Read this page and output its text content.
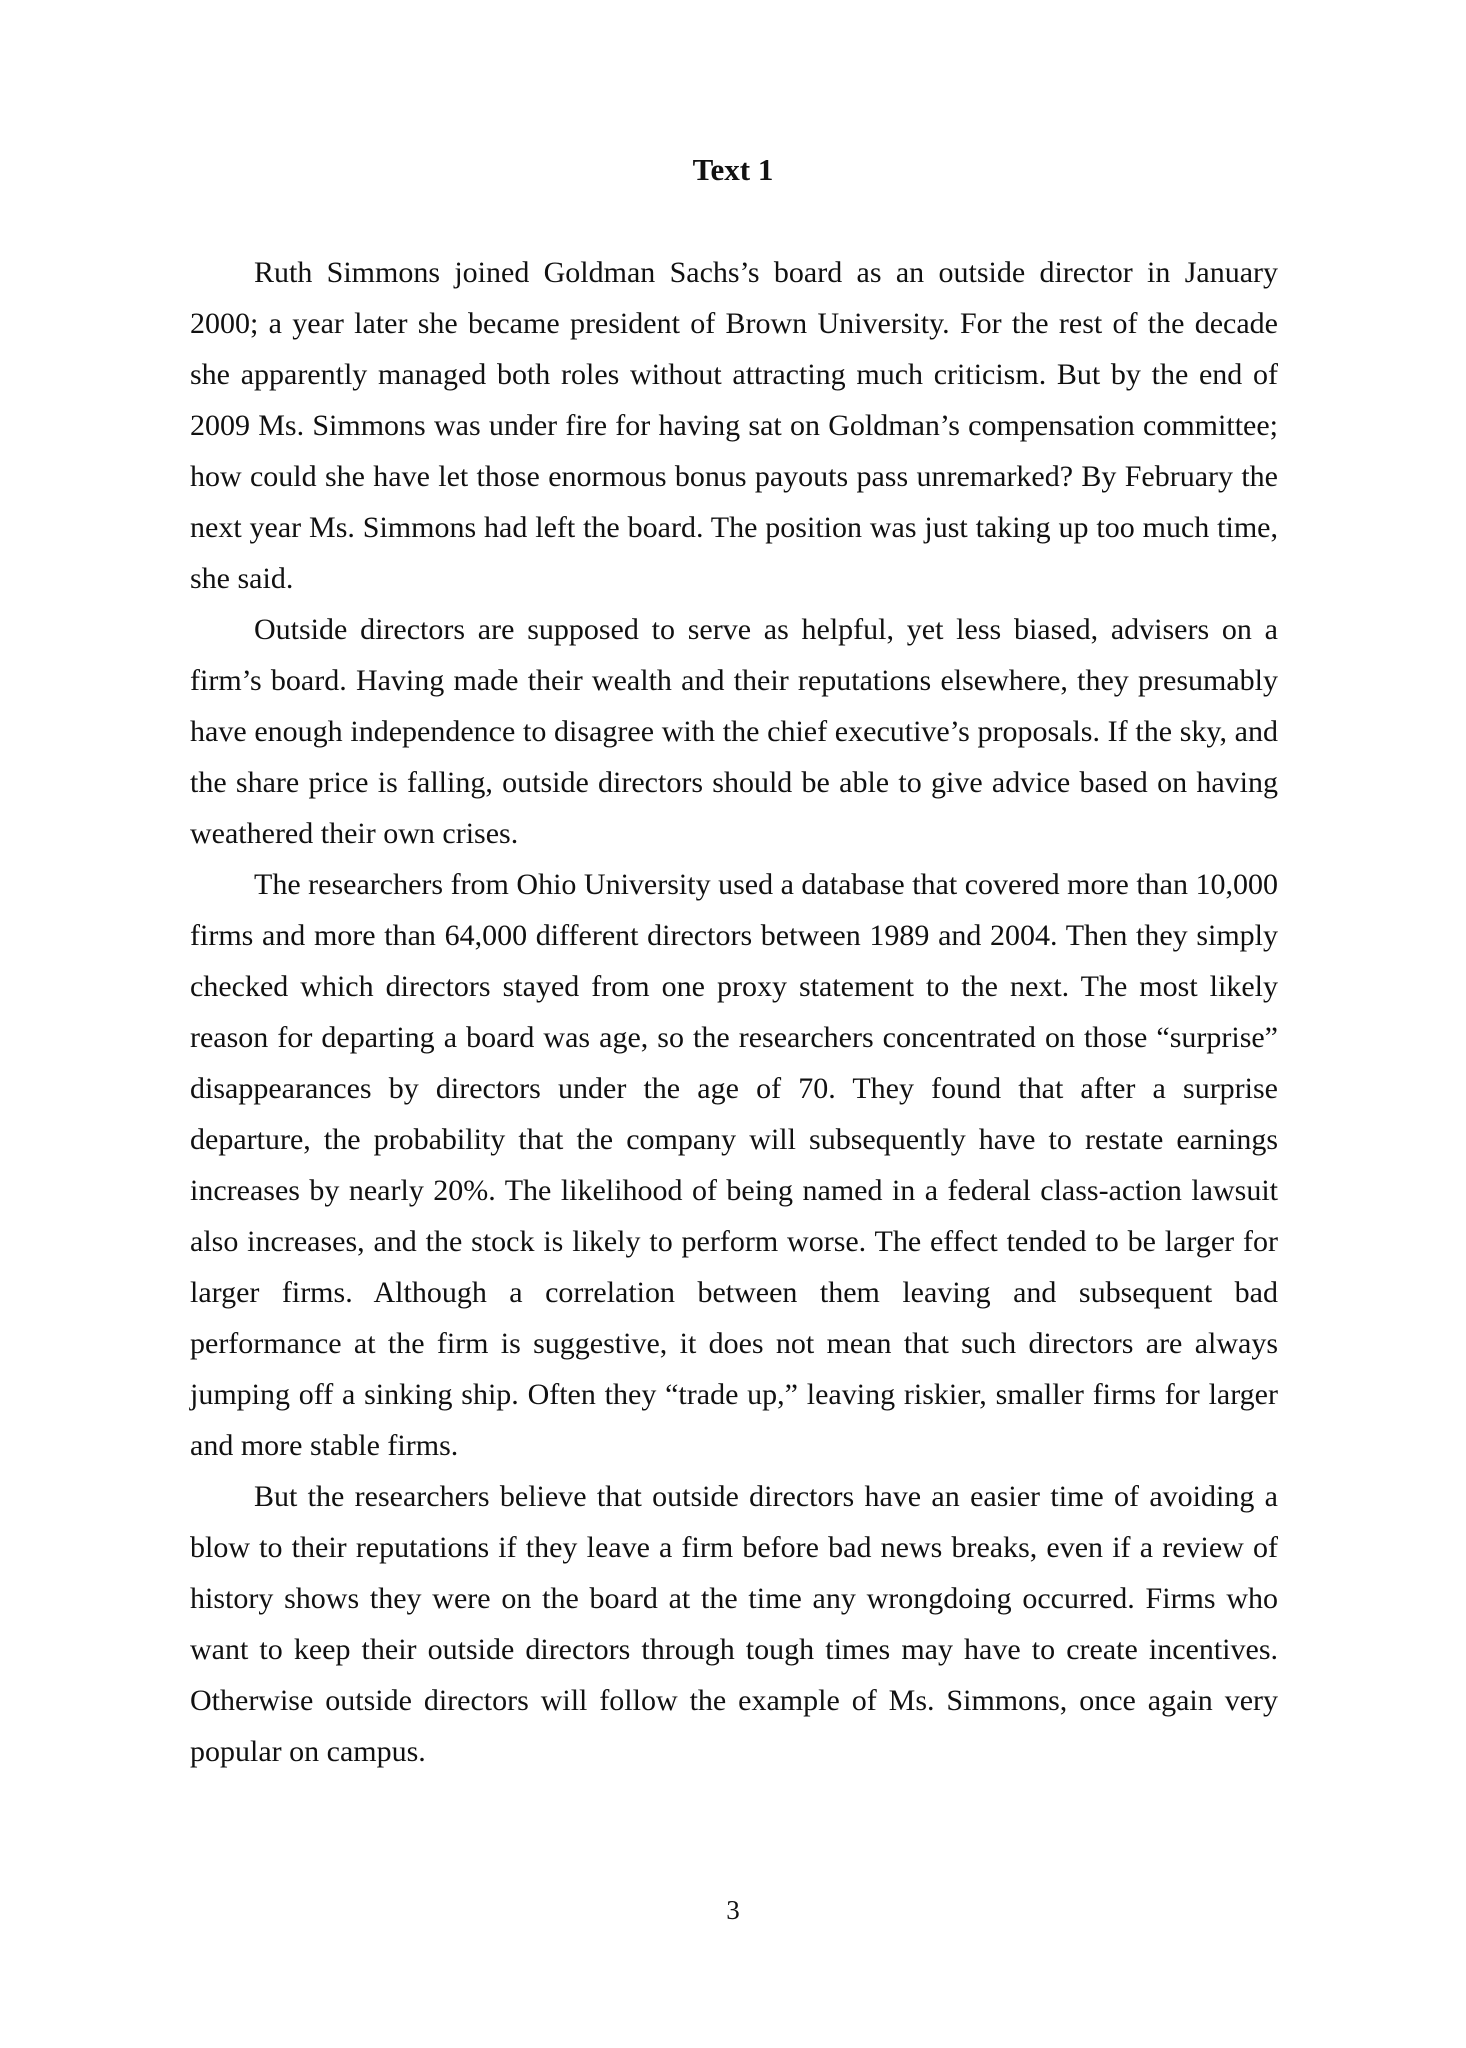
Text 1

Ruth Simmons joined Goldman Sachs’s board as an outside director in January 2000; a year later she became president of Brown University. For the rest of the decade she apparently managed both roles without attracting much criticism. But by the end of 2009 Ms. Simmons was under fire for having sat on Goldman’s compensation committee; how could she have let those enormous bonus payouts pass unremarked? By February the next year Ms. Simmons had left the board. The position was just taking up too much time, she said.

Outside directors are supposed to serve as helpful, yet less biased, advisers on a firm’s board. Having made their wealth and their reputations elsewhere, they presumably have enough independence to disagree with the chief executive’s proposals. If the sky, and the share price is falling, outside directors should be able to give advice based on having weathered their own crises.

The researchers from Ohio University used a database that covered more than 10,000 firms and more than 64,000 different directors between 1989 and 2004. Then they simply checked which directors stayed from one proxy statement to the next. The most likely reason for departing a board was age, so the researchers concentrated on those “surprise” disappearances by directors under the age of 70. They found that after a surprise departure, the probability that the company will subsequently have to restate earnings increases by nearly 20%. The likelihood of being named in a federal class-action lawsuit also increases, and the stock is likely to perform worse. The effect tended to be larger for larger firms. Although a correlation between them leaving and subsequent bad performance at the firm is suggestive, it does not mean that such directors are always jumping off a sinking ship. Often they “trade up,” leaving riskier, smaller firms for larger and more stable firms.

But the researchers believe that outside directors have an easier time of avoiding a blow to their reputations if they leave a firm before bad news breaks, even if a review of history shows they were on the board at the time any wrongdoing occurred. Firms who want to keep their outside directors through tough times may have to create incentives. Otherwise outside directors will follow the example of Ms. Simmons, once again very popular on campus.

3
